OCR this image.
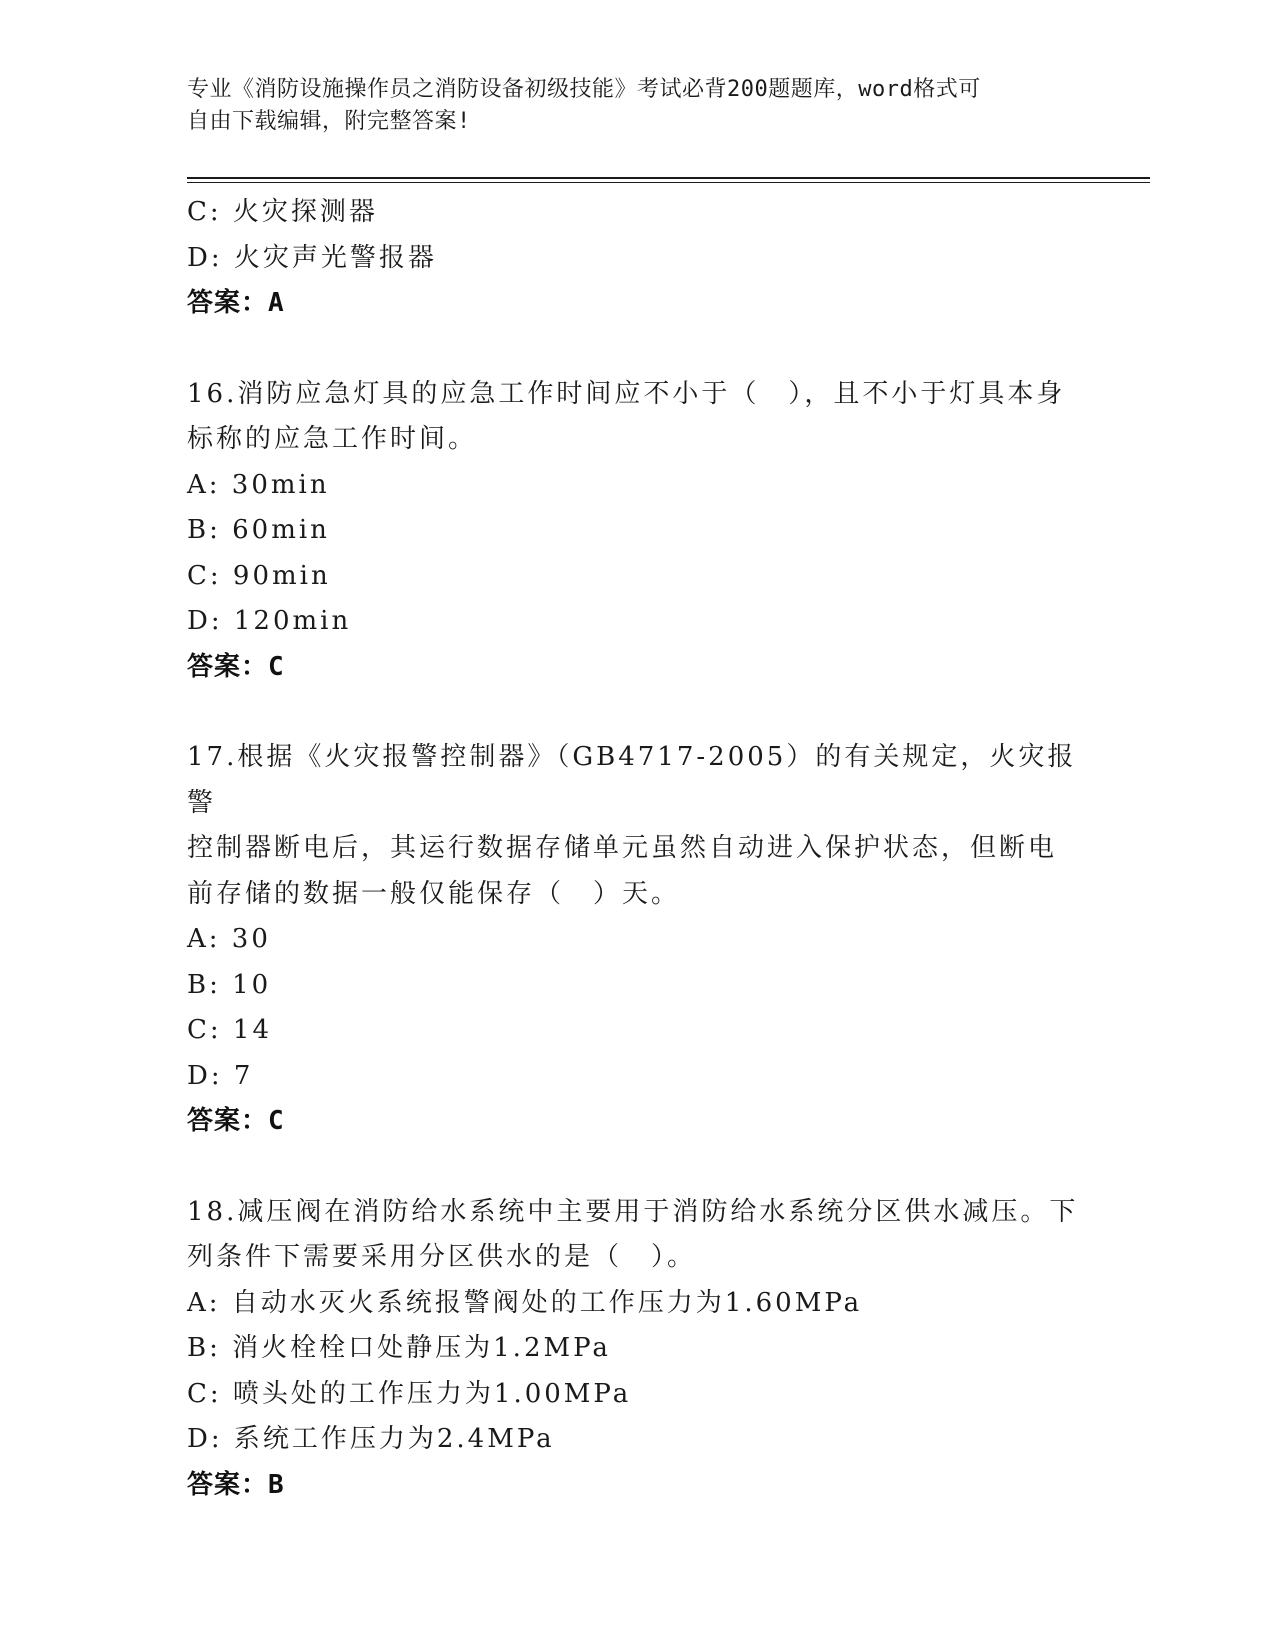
专业《消防设施操作员之消防设备初级技能》考试必背200题题库，word格式可
自由下载编辑，附完整答案!
C: 火灾探测器
D: 火灾声光警报器
答案：A
16.消防应急灯具的应急工作时间应不小于（　），且不小于灯具本身
标称的应急工作时间。
A: 30min
B: 60min
C: 90min
D: 120min
答案：C
17.根据《火灾报警控制器》（GB4717-2005）的有关规定，火灾报警
控制器断电后，其运行数据存储单元虽然自动进入保护状态，但断电
前存储的数据一般仅能保存（　）天。
A: 30
B: 10
C: 14
D: 7
答案：C
18.减压阀在消防给水系统中主要用于消防给水系统分区供水减压。下
列条件下需要采用分区供水的是（　）。
A: 自动水灭火系统报警阀处的工作压力为1.60MPa
B: 消火栓栓口处静压为1.2MPa
C: 喷头处的工作压力为1.00MPa
D: 系统工作压力为2.4MPa
答案：B
